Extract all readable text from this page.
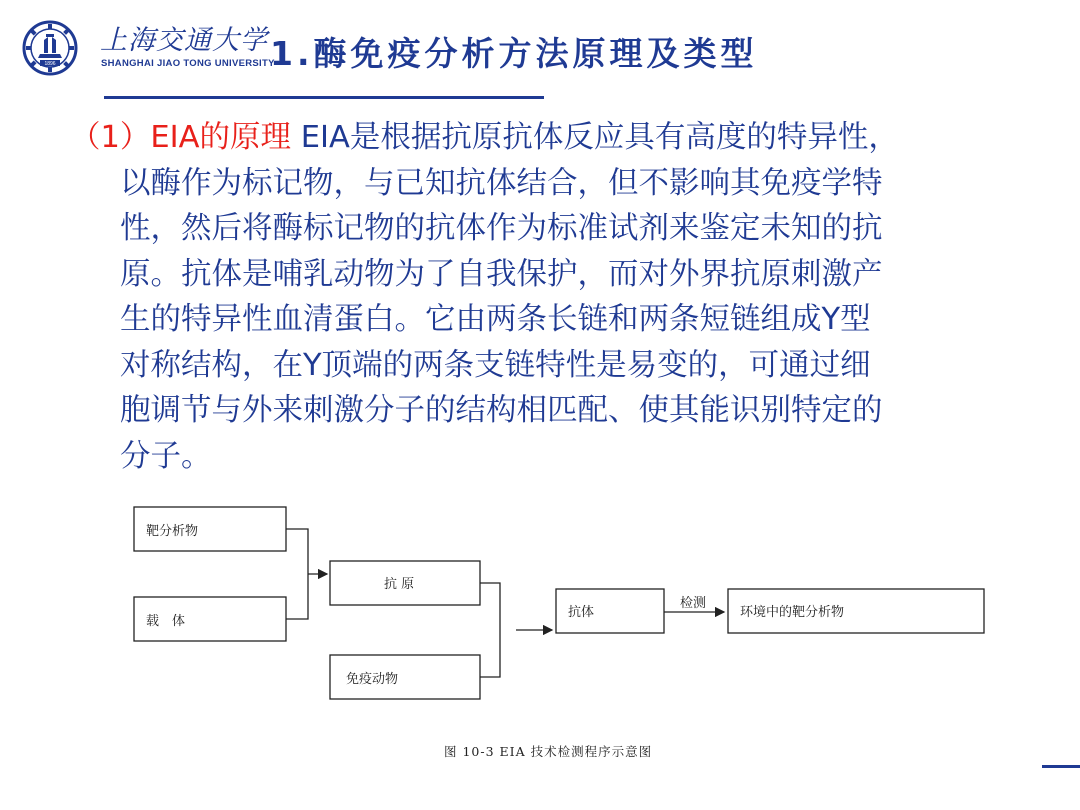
1896
上海交通大学
SHANGHAI JIAO TONG UNIVERSITY
1.酶免疫分析方法原理及类型
（1）EIA的原理 EIA是根据抗原抗体反应具有高度的特异性，
以酶作为标记物，与已知抗体结合，但不影响其免疫学特
性，然后将酶标记物的抗体作为标准试剂来鉴定未知的抗
原。抗体是哺乳动物为了自我保护，而对外界抗原刺激产
生的特异性血清蛋白。它由两条长链和两条短链组成Y型
对称结构，在Y顶端的两条支链特性是易变的，可通过细
胞调节与外来刺激分子的结构相匹配、使其能识别特定的
分子。
靶分析物
载　体
抗 原
免疫动物
抗体
检测
环境中的靶分析物
图 10-3 EIA 技术检测程序示意图
